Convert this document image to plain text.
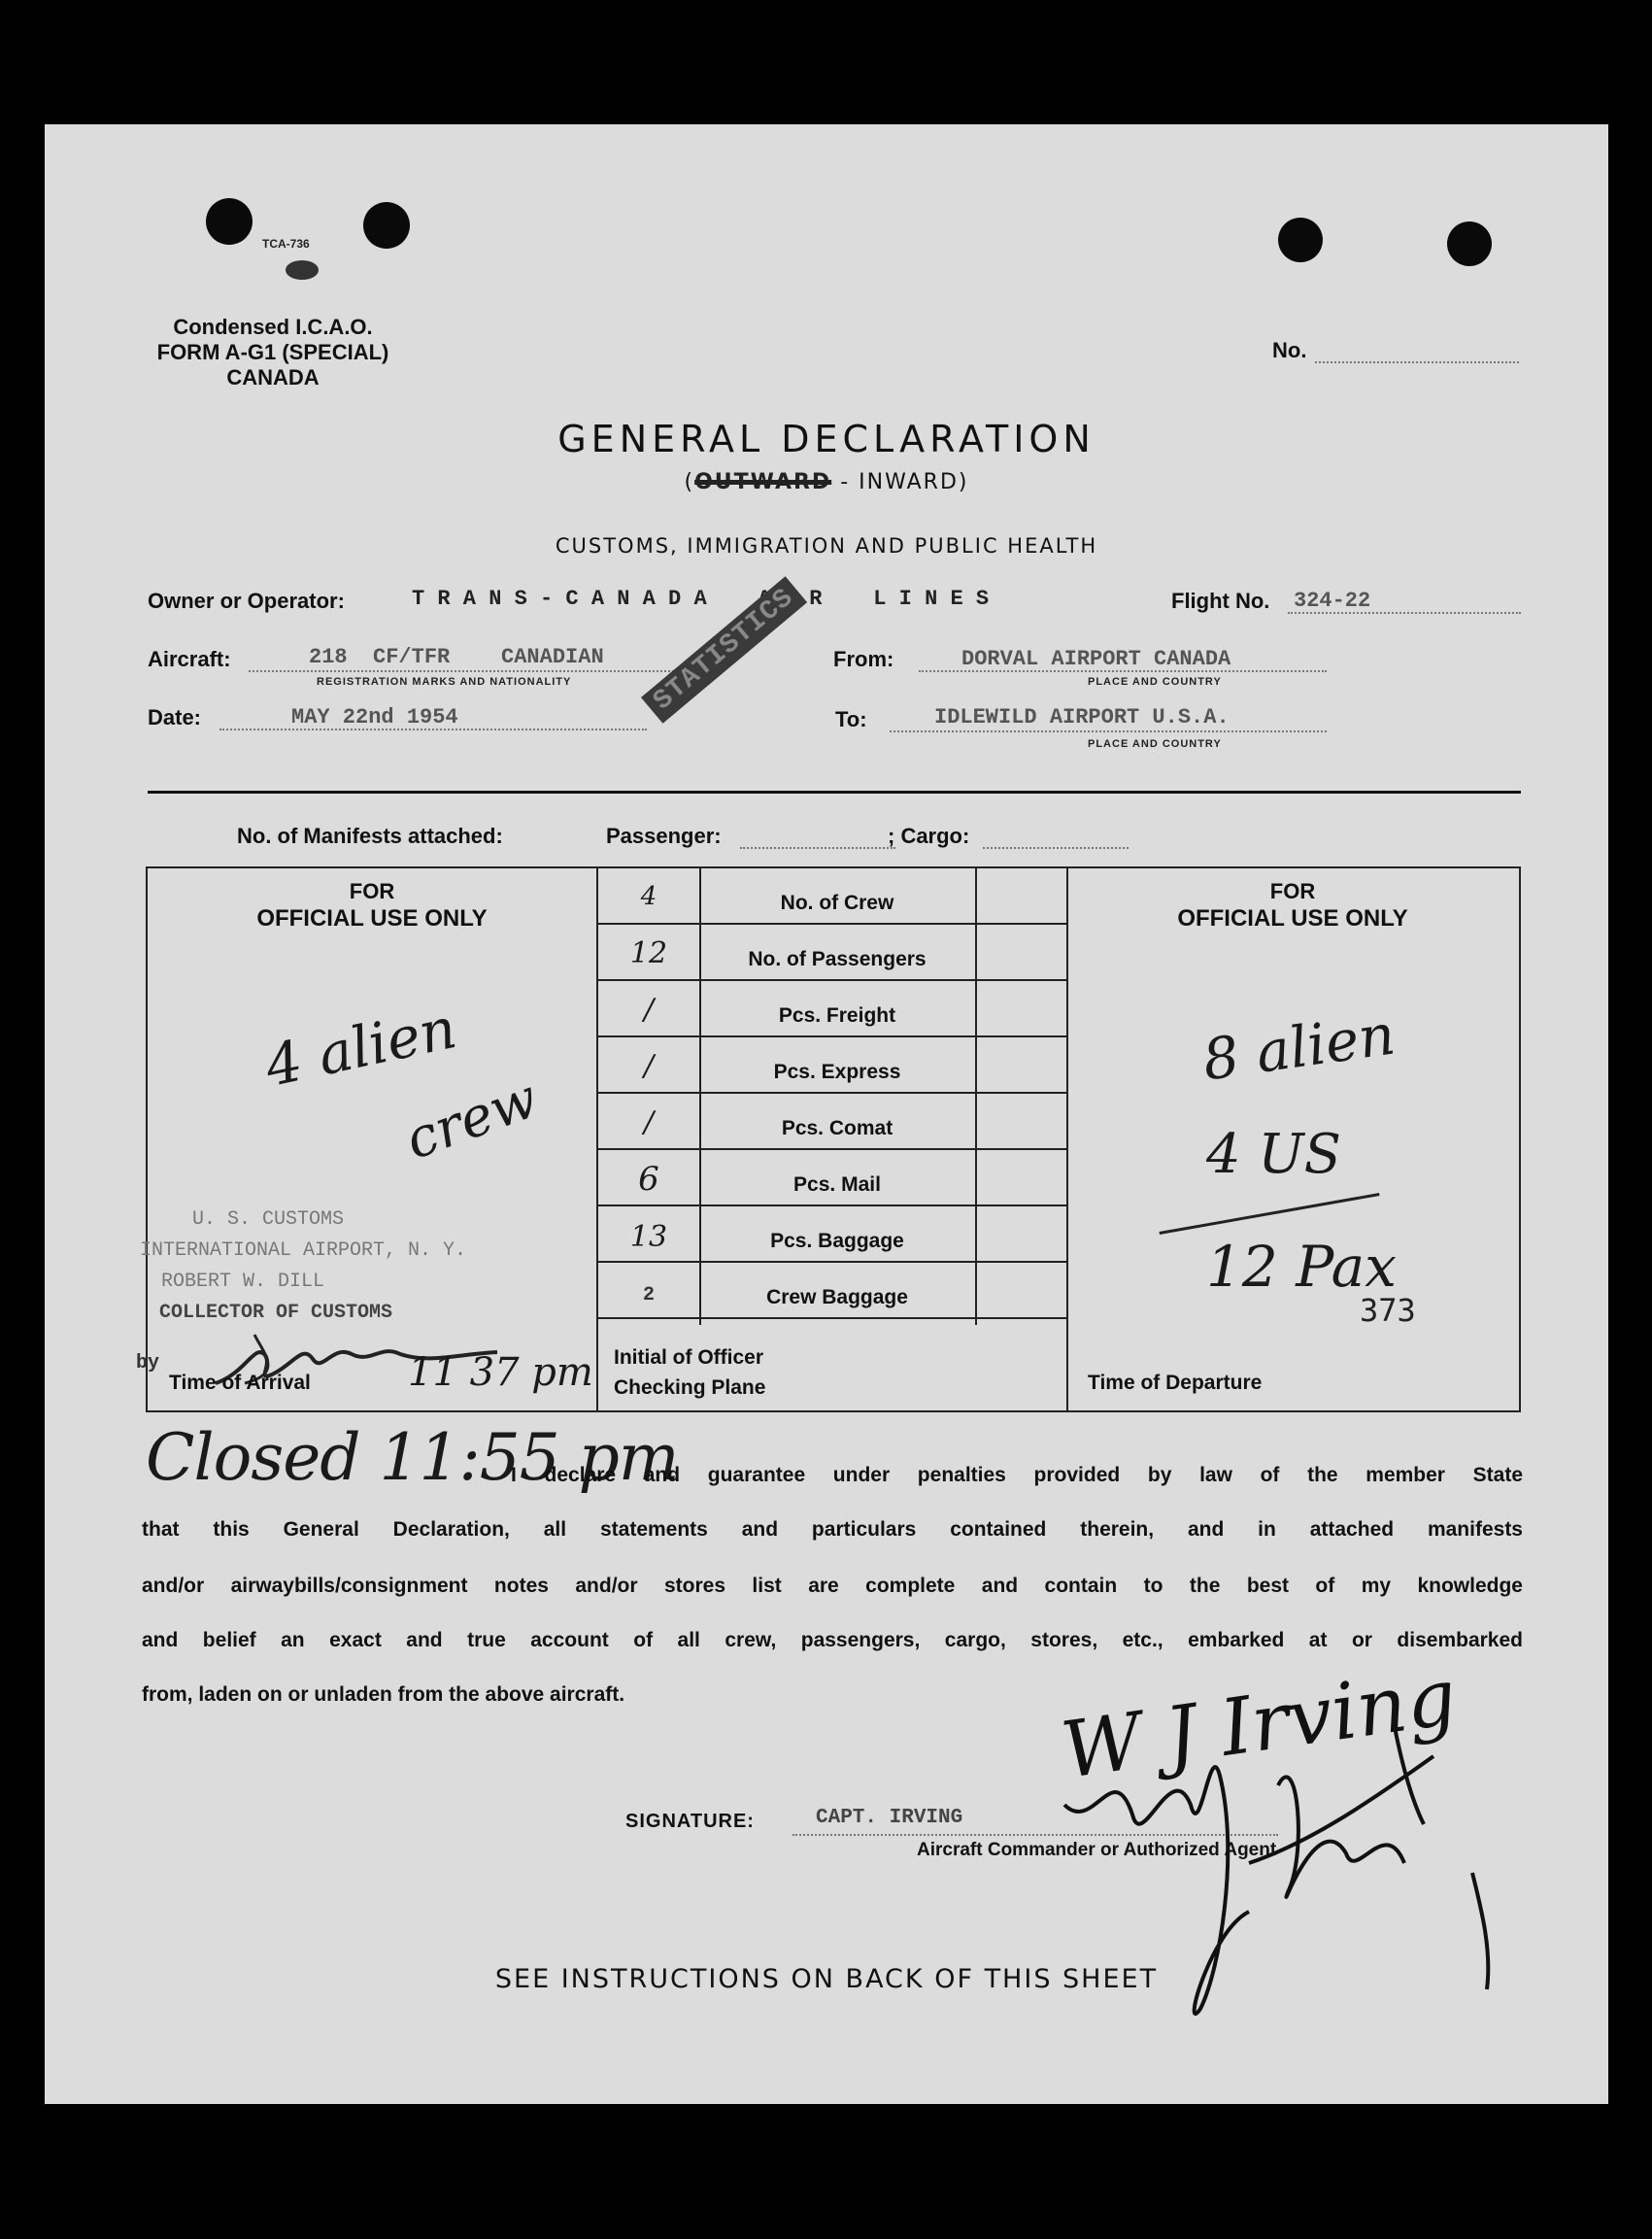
TCA-736
Condensed I.C.A.O.
FORM A-G1 (SPECIAL)
CANADA
No.
GENERAL DECLARATION
(OUTWARD - INWARD)
CUSTOMS, IMMIGRATION AND PUBLIC HEALTH
Owner or Operator:	T R A N S - C A N A D A    A I R    L I N E S	Flight No. 324-22
Aircraft:	218  CF/TFR    CANADIAN
REGISTRATION MARKS AND NATIONALITY
From:	DORVAL AIRPORT CANADA
PLACE AND COUNTRY
Date:	MAY 22nd 1954	To:	IDLEWILD AIRPORT U.S.A.
PLACE AND COUNTRY
STATISTICS
No. of Manifests attached:	Passenger:	; Cargo:
FOR
OFFICIAL USE ONLY
4 alien
crew
U. S. CUSTOMS
INTERNATIONAL AIRPORT, N. Y.
ROBERT W. DILL
COLLECTOR OF CUSTOMS
by
Time of Arrival	11 37 pm
4	No. of Crew
12	No. of Passengers
/	Pcs. Freight
/	Pcs. Express
/	Pcs. Comat
6	Pcs. Mail
13	Pcs. Baggage
2	Crew Baggage
Initial of Officer
Checking Plane
FOR
OFFICIAL USE ONLY
8 alien
4 US
12 Pax
373
Time of Departure
Closed 11:55 pm
I declare and guarantee under penalties provided by law of the member State
that this General Declaration, all statements and particulars contained therein, and in attached manifests
and/or airwaybills/consignment notes and/or stores list are complete and contain to the best of my knowledge
and belief an exact and true account of all crew, passengers, cargo, stores, etc., embarked at or disembarked
from, laden on or unladen from the above aircraft.
SIGNATURE:	CAPT. IRVING
Aircraft Commander or Authorized Agent
W J Irving
SEE INSTRUCTIONS ON BACK OF THIS SHEET
